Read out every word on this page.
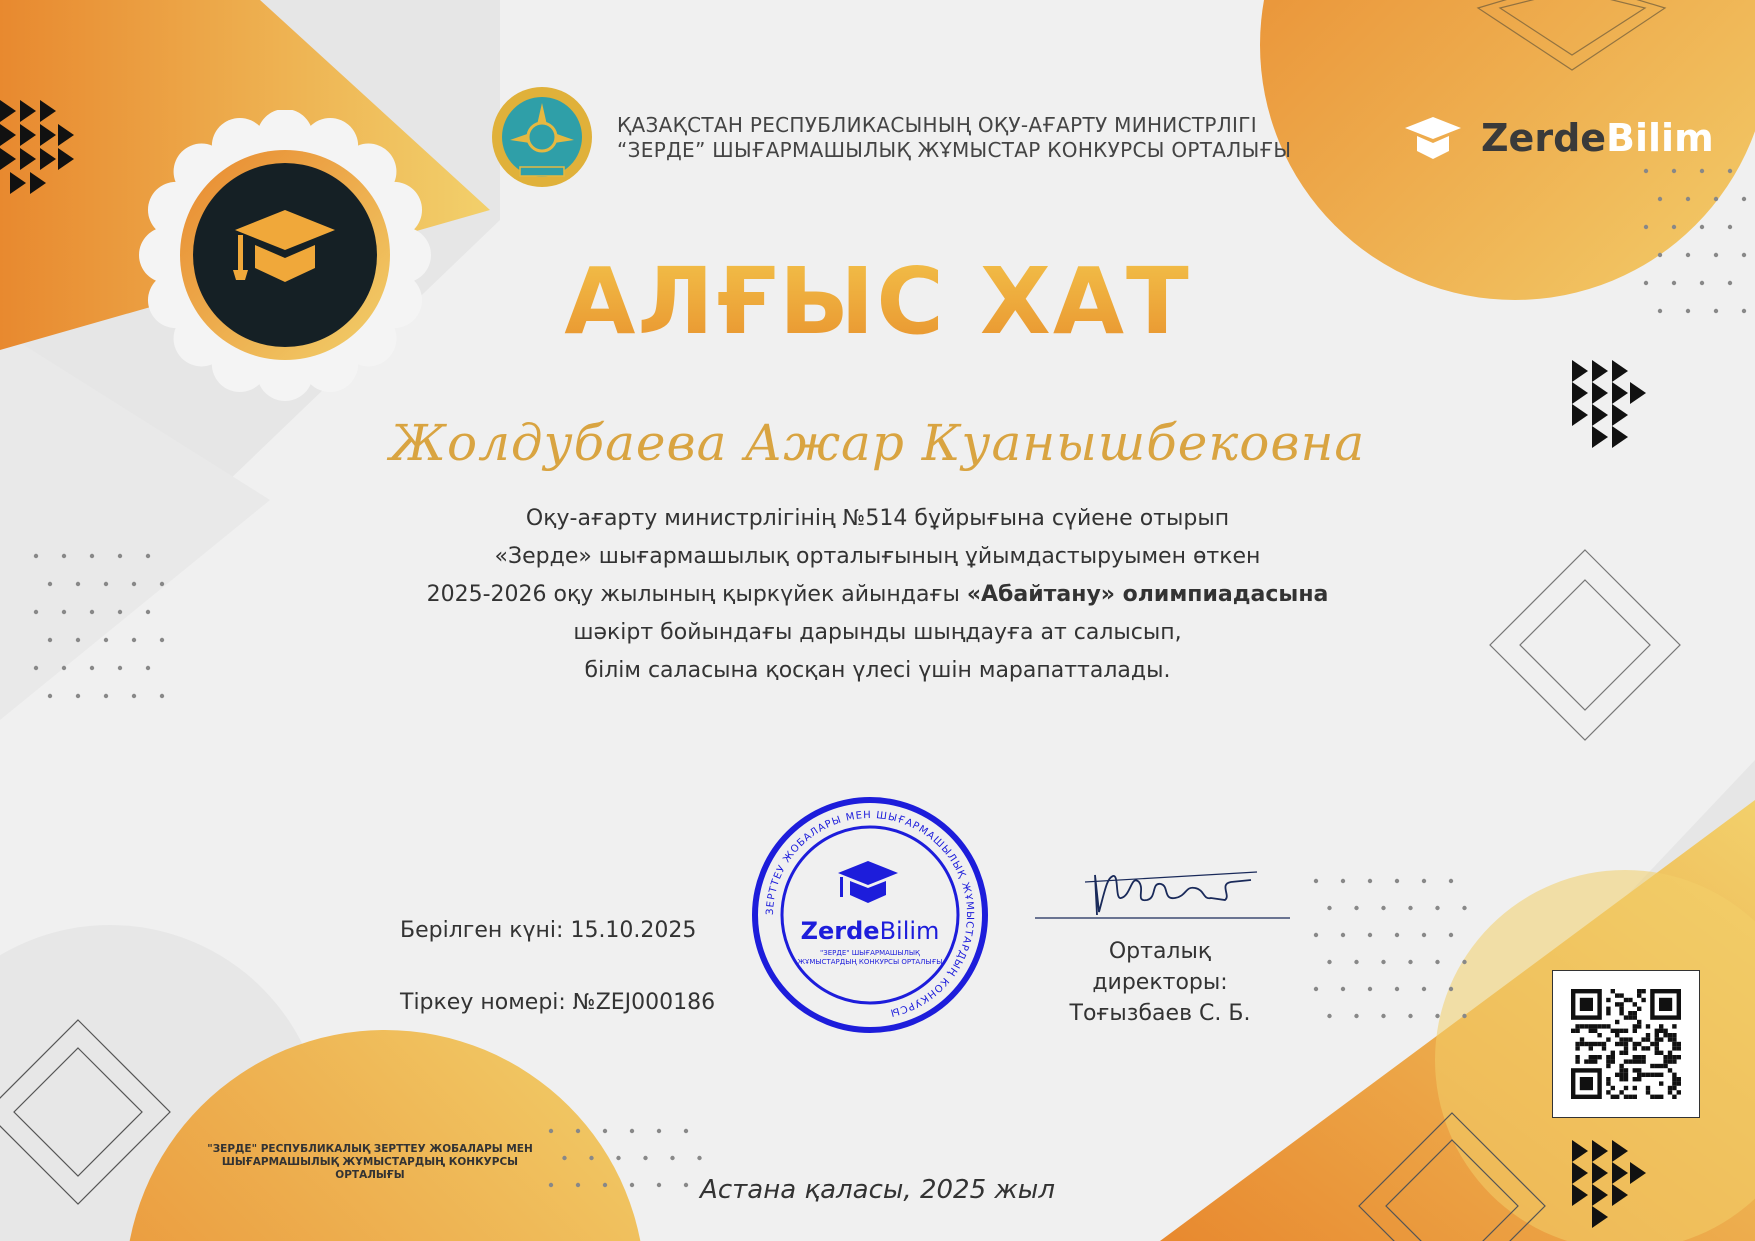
ҚАЗАҚСТАН РЕСПУБЛИКАСЫНЫҢ ОҚУ-АҒАРТУ МИНИСТРЛІГІ
“ЗЕРДЕ” ШЫҒАРМАШЫЛЫҚ ЖҰМЫСТАР КОНКУРСЫ ОРТАЛЫҒЫ	ZerdeBilim
АЛҒЫС ХАТ
Жолдубаева Ажар Куанышбековна
Оқу-ағарту министрлігінің №514 бұйрығына сүйене отырып
«Зерде» шығармашылық орталығының ұйымдастыруымен өткен
2025-2026 оқу жылының қыркүйек айындағы «Абайтану» олимпиадасына
шәкірт бойындағы дарынды шыңдауға ат салысып,
білім саласына қосқан үлесі үшін марапатталады.
Берілген күні: 15.10.2025
Тіркеу номері: №ZEJ000186
ЗЕРТТЕУ ЖОБАЛАРЫ МЕН ШЫҒАРМАШЫЛЫҚ ЖҰМЫСТАРДЫҢ КОНКУРСЫ
ZerdeBilim
"ЗЕРДЕ" ШЫҒАРМАШЫЛЫҚ
ЖҰМЫСТАРДЫҢ КОНКУРСЫ ОРТАЛЫҒЫ	Орталық директоры:
Тоғызбаев С. Б.
"ЗЕРДЕ" РЕСПУБЛИКАЛЫҚ ЗЕРТТЕУ ЖОБАЛАРЫ МЕН
ШЫҒАРМАШЫЛЫҚ ЖҰМЫСТАРДЫҢ КОНКУРСЫ ОРТАЛЫҒЫ	Астана қаласы, 2025 жыл
